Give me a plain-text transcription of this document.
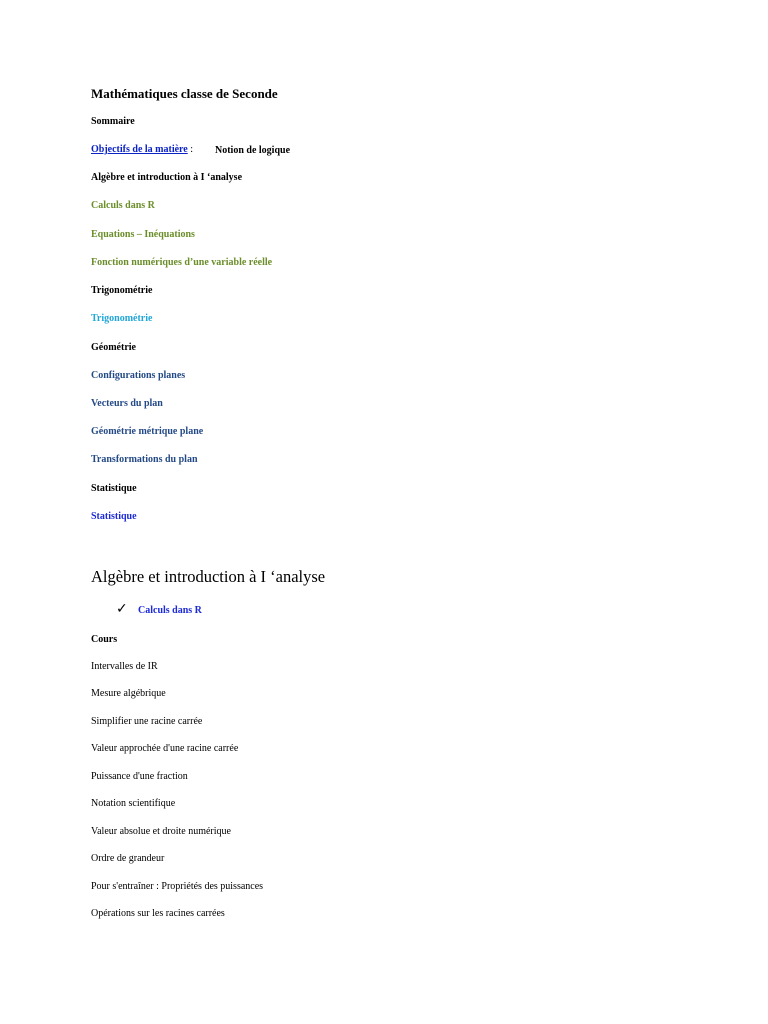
Mathématiques classe de Seconde
Sommaire
Objectifs de la matière : Notion de logique
Algèbre et introduction à I ‘analyse
Calculs dans R
Equations – Inéquations
Fonction numériques d’une variable réelle
Trigonométrie
Trigonométrie
Géométrie
Configurations planes
Vecteurs du plan
Géométrie métrique plane
Transformations du plan
Statistique
Statistique
Algèbre et introduction à I ‘analyse
✓ Calculs dans R
Cours
Intervalles de IR
Mesure algébrique
Simplifier une racine carrée
Valeur approchée d'une racine carrée
Puissance d'une fraction
Notation scientifique
Valeur absolue et droite numérique
Ordre de grandeur
Pour s'entraîner : Propriétés des puissances
Opérations sur les racines carrées
